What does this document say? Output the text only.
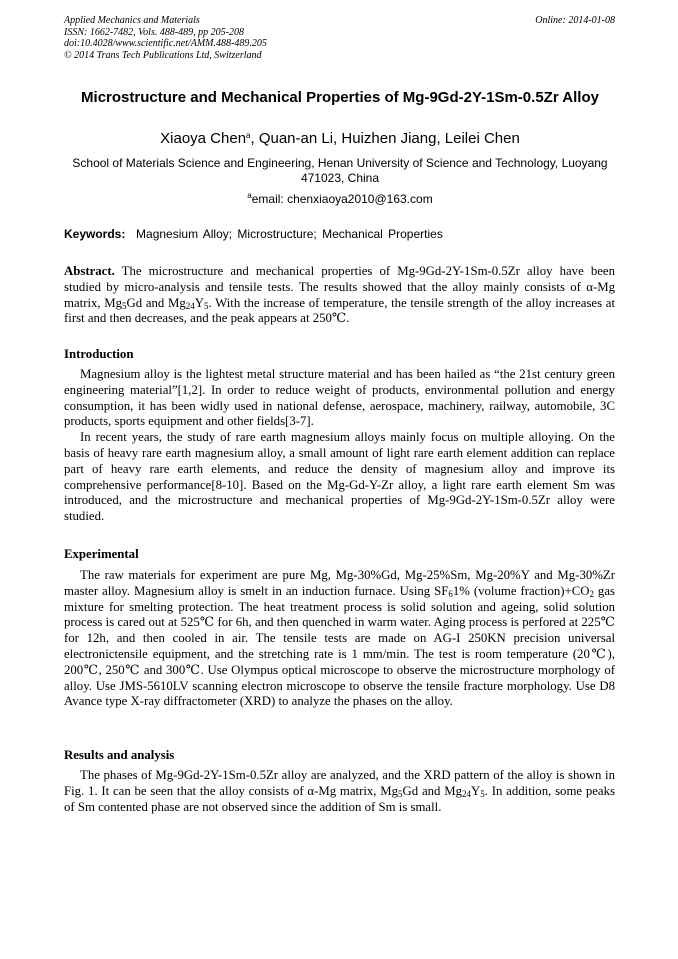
Applied Mechanics and Materials
ISSN: 1662-7482, Vols. 488-489, pp 205-208
doi:10.4028/www.scientific.net/AMM.488-489.205
© 2014 Trans Tech Publications Ltd, Switzerland
Online: 2014-01-08
Microstructure and Mechanical Properties of Mg-9Gd-2Y-1Sm-0.5Zr Alloy
Xiaoya Chen$^a$, Quan-an Li, Huizhen Jiang, Leilei Chen
School of Materials Science and Engineering, Henan University of Science and Technology, Luoyang 471023, China
$^a$email: chenxiaoya2010@163.com
Keywords: Magnesium Alloy; Microstructure; Mechanical Properties

Abstract. The microstructure and mechanical properties of Mg-9Gd-2Y-1Sm-0.5Zr alloy have been studied by micro-analysis and tensile tests. The results showed that the alloy mainly consists of α-Mg matrix, $Mg_5Gd$ and $Mg_{24}Y_5$. With the increase of temperature, the tensile strength of the alloy increases at first and then decreases, and the peak appears at 250℃.

Introduction

Magnesium alloy is the lightest metal structure material and has been hailed as “the 21st century green engineering material”[1,2]. In order to reduce weight of products, environmental pollution and energy consumption, it has been widly used in national defense, aerospace, machinery, railway, automobile, 3C products, sports equipment and other fields[3-7].

In recent years, the study of rare earth magnesium alloys mainly focus on multiple alloying. On the basis of heavy rare earth magnesium alloy, a small amount of light rare earth element addition can replace part of heavy rare earth elements, and reduce the density of magnesium alloy and improve its comprehensive performance[8-10]. Based on the Mg-Gd-Y-Zr alloy, a light rare earth element Sm was introduced, and the microstructure and mechanical properties of Mg-9Gd-2Y-1Sm-0.5Zr alloy were studied.

Experimental

The raw materials for experiment are pure Mg, Mg-30%Gd, Mg-25%Sm, Mg-20%Y and Mg-30%Zr master alloy. Magnesium alloy is smelt in an induction furnace. Using $SF_61\%$ (volume $fraction)+CO_2$ gas mixture for smelting protection. The heat treatment process is solid solution and ageing, solid solution process is cared out at 525℃ for 6h, and then quenched in warm water. Aging process is perfored at 225℃ for 12h, and then cooled in air. The tensile tests are made on AG-I 250KN precision universal electronictensile equipment, and the stretching rate is 1 mm/min. The test is room temperature (20℃), 200℃, 250℃ and 300℃. Use Olympus optical microscope to observe the microstructure morphology of alloy. Use JMS-5610LV scanning electron microscope to observe the tensile fracture morphology. Use D8 Avance type X-ray diffractometer (XRD) to analyze the phases on the alloy.

Results and analysis

The phases of Mg-9Gd-2Y-1Sm-0.5Zr alloy are analyzed, and the XRD pattern of the alloy is shown in Fig. 1. It can be seen that the alloy consists of α-Mg matrix, $Mg_5Gd$ and $Mg_{24}Y_5$. In addition, some peaks of Sm contented phase are not observed since the addition of Sm is small.
